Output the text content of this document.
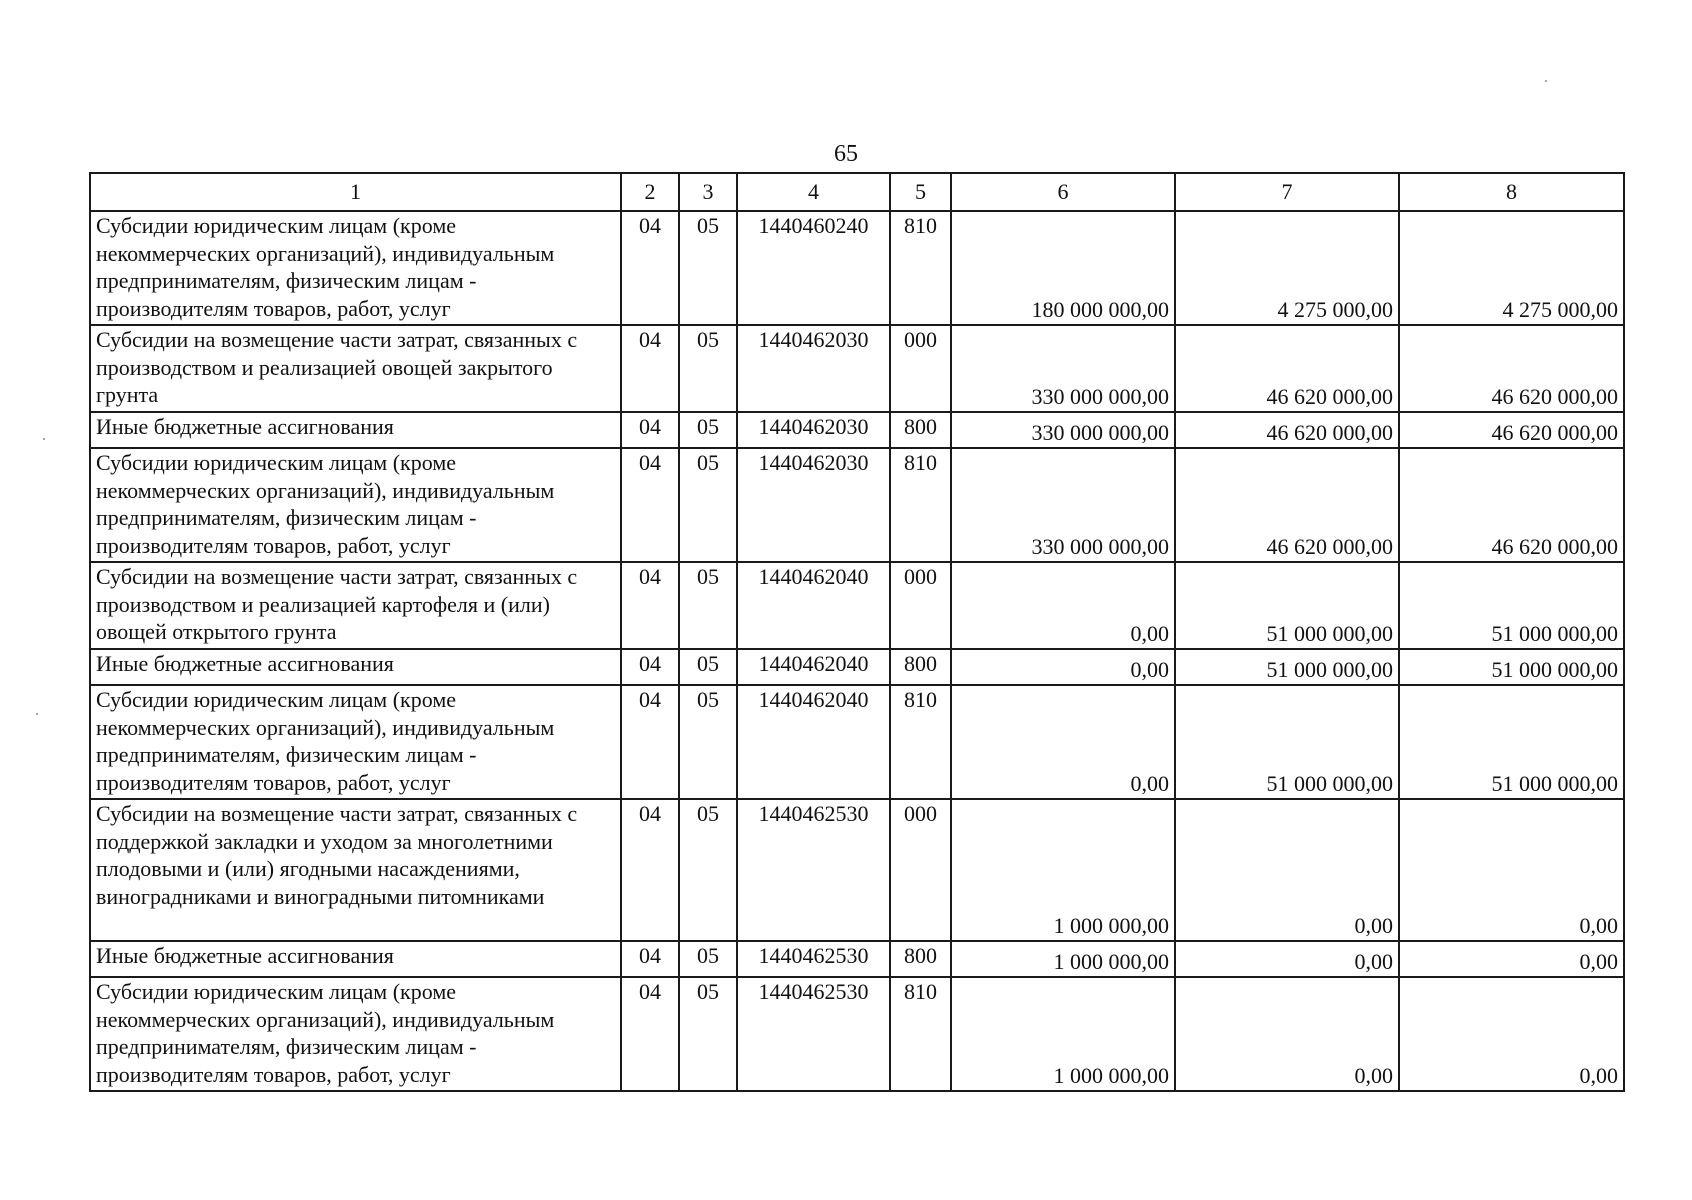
65
1	2	3	4	5	6	7	8
Субсидии юридическим лицам (кроме некоммерческих организаций), индивидуальным предпринимателям, физическим лицам - производителям товаров, работ, услуг	04	05	1440460240	810	180 000 000,00	4 275 000,00	4 275 000,00
Субсидии на возмещение части затрат, связанных с производством и реализацией овощей закрытого грунта	04	05	1440462030	000	330 000 000,00	46 620 000,00	46 620 000,00
Иные бюджетные ассигнования	04	05	1440462030	800	330 000 000,00	46 620 000,00	46 620 000,00
Субсидии юридическим лицам (кроме некоммерческих организаций), индивидуальным предпринимателям, физическим лицам - производителям товаров, работ, услуг	04	05	1440462030	810	330 000 000,00	46 620 000,00	46 620 000,00
Субсидии на возмещение части затрат, связанных с производством и реализацией картофеля и (или) овощей открытого грунта	04	05	1440462040	000	0,00	51 000 000,00	51 000 000,00
Иные бюджетные ассигнования	04	05	1440462040	800	0,00	51 000 000,00	51 000 000,00
Субсидии юридическим лицам (кроме некоммерческих организаций), индивидуальным предпринимателям, физическим лицам - производителям товаров, работ, услуг	04	05	1440462040	810	0,00	51 000 000,00	51 000 000,00
Субсидии на возмещение части затрат, связанных с поддержкой закладки и уходом за многолетними плодовыми и (или) ягодными насаждениями, виноградниками и виноградными питомниками	04	05	1440462530	000	1 000 000,00	0,00	0,00
Иные бюджетные ассигнования	04	05	1440462530	800	1 000 000,00	0,00	0,00
Субсидии юридическим лицам (кроме некоммерческих организаций), индивидуальным предпринимателям, физическим лицам - производителям товаров, работ, услуг	04	05	1440462530	810	1 000 000,00	0,00	0,00
